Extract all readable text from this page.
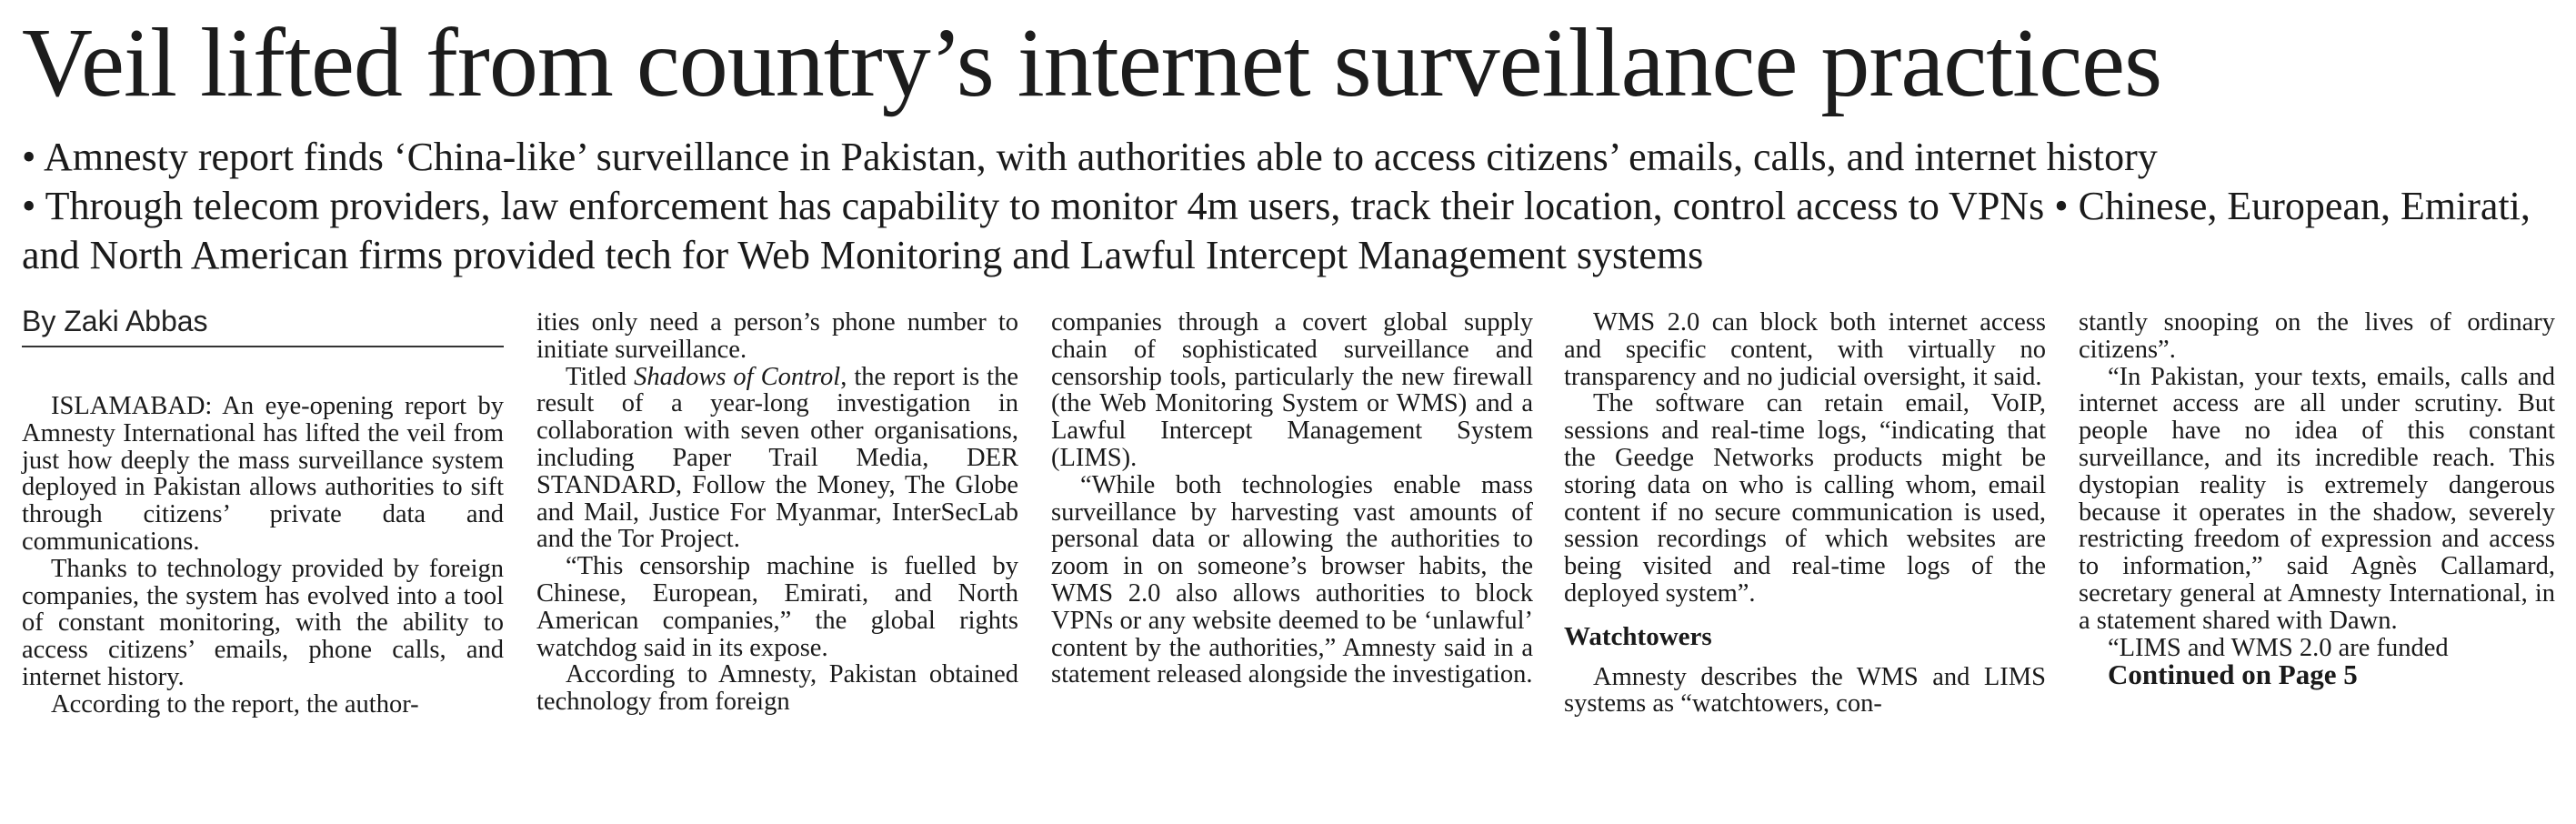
Veil lifted from country’s internet surveillance practices
• Amnesty report finds ‘China-like’ surveillance in Pakistan, with authorities able to access citizens’ emails, calls, and internet history
• Through telecom providers, law enforcement has capability to monitor 4m users, track their location, control access to VPNs • Chinese, European, Emirati, and North American firms provided tech for Web Monitoring and Lawful Intercept Management systems
By Zaki Abbas

ISLAMABAD: An eye-opening report by Amnesty International has lifted the veil from just how deeply the mass surveillance system deployed in Pakistan allows authorities to sift through citizens’ private data and communications.

Thanks to technology provided by foreign companies, the system has evolved into a tool of constant monitoring, with the ability to access citizens’ emails, phone calls, and internet history.

According to the report, the author-

ities only need a person’s phone number to initiate surveillance.

Titled Shadows of Control, the report is the result of a year-long investigation in collaboration with seven other organisations, including Paper Trail Media, DER STANDARD, Follow the Money, The Globe and Mail, Justice For Myanmar, InterSecLab and the Tor Project.

“This censorship machine is fuelled by Chinese, European, Emirati, and North American companies,” the global rights watchdog said in its expose.

According to Amnesty, Pakistan obtained technology from foreign

companies through a covert global supply chain of sophisticated surveillance and censorship tools, particularly the new firewall (the Web Monitoring System or WMS) and a Lawful Intercept Management System (LIMS).

“While both technologies enable mass surveillance by harvesting vast amounts of personal data or allowing the authorities to zoom in on someone’s browser habits, the WMS 2.0 also allows authorities to block VPNs or any website deemed to be ‘unlawful’ content by the authorities,” Amnesty said in a statement released alongside the investigation.

WMS 2.0 can block both internet access and specific content, with virtually no transparency and no judicial oversight, it said.

The software can retain email, VoIP, sessions and real-time logs, “indicating that the Geedge Networks products might be storing data on who is calling whom, email content if no secure communication is used, session recordings of which websites are being visited and real-time logs of the deployed system”.

Watchtowers

Amnesty describes the WMS and LIMS systems as “watchtowers, con-

stantly snooping on the lives of ordinary citizens”.

“In Pakistan, your texts, emails, calls and internet access are all under scrutiny. But people have no idea of this constant surveillance, and its incredible reach. This dystopian reality is extremely dangerous because it operates in the shadow, severely restricting freedom of expression and access to information,” said Agnès Callamard, secretary general at Amnesty International, in a statement shared with Dawn.

“LIMS and WMS 2.0 are funded

Continued on Page 5
